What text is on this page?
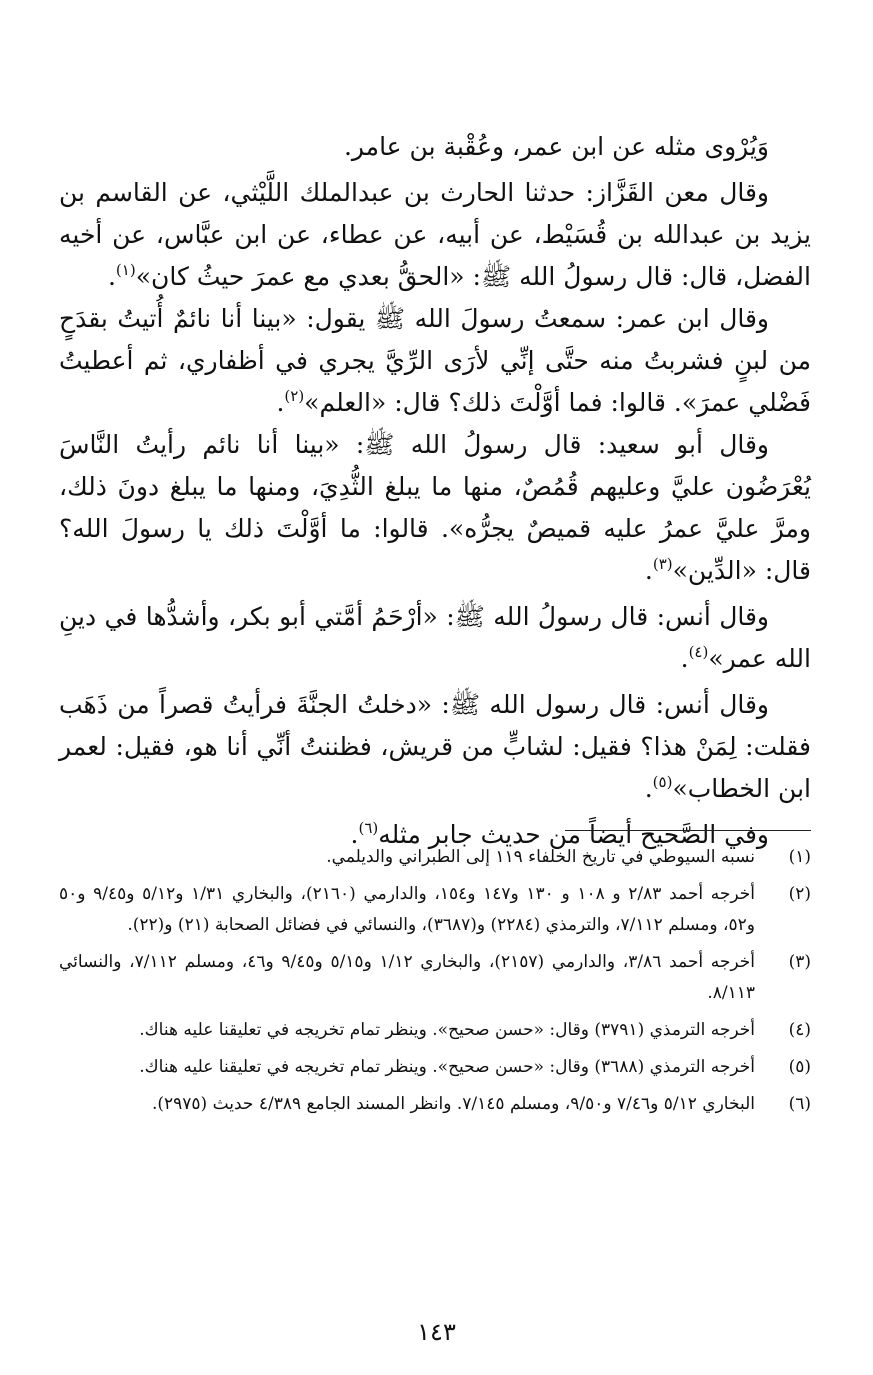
وَيُرْوى مثله عن ابن عمر، وعُقْبة بن عامر.

وقال معن القَزَّاز: حدثنا الحارث بن عبدالملك اللَّيْثي، عن القاسم بن يزيد بن عبدالله بن قُسَيْط، عن أبيه، عن عطاء، عن ابن عبَّاس، عن أخيه الفضل، قال: قال رسولُ الله ﷺ: «الحقُّ بعدي مع عمرَ حيثُ كان»$^{(١)}$.

وقال ابن عمر: سمعتُ رسولَ الله ﷺ يقول: «بينا أنا نائمٌ أُتيتُ بقدَحٍ من لبنٍ فشربتُ منه حتَّى إنِّي لأرَى الرِّيَّ يجري في أظفاري، ثم أعطيتُ فَضْلي عمرَ». قالوا: فما أوَّلْتَ ذلك؟ قال: «العلم»$^{(٢)}$.

وقال أبو سعيد: قال رسولُ الله ﷺ: «بينا أنا نائم رأيتُ النَّاسَ يُعْرَضُون عليَّ وعليهم قُمُصٌ، منها ما يبلغ الثُّدِيَ، ومنها ما يبلغ دونَ ذلك، ومرَّ عليَّ عمرُ عليه قميصٌ يجرُّه». قالوا: ما أوَّلْتَ ذلك يا رسولَ الله؟ قال: «الدِّين»$^{(٣)}$.

وقال أنس: قال رسولُ الله ﷺ: «أرْحَمُ أمَّتي أبو بكر، وأشدُّها في دينِ الله عمر»$^{(٤)}$.

وقال أنس: قال رسول الله ﷺ: «دخلتُ الجنَّةَ فرأيتُ قصراً من ذَهَب فقلت: لِمَنْ هذا؟ فقيل: لشابٍّ من قريش، فظننتُ أنِّي أنا هو، فقيل: لعمر ابن الخطاب»$^{(٥)}$.

وفي الصَّحيح أيضاً من حديث جابر مثله$^{(٦)}$.

(١)
نسبه السيوطي في تاريخ الخلفاء ١١٩ إلى الطبراني والديلمي.
(٢)
أخرجه أحمد ٢/٨٣ و ١٠٨ و ١٣٠ و١٤٧ و١٥٤، والدارمي (٢١٦٠)، والبخاري ١/٣١ و٥/١٢ و٩/٤٥ و٥٠ و٥٢، ومسلم ٧/١١٢، والترمذي (٢٢٨٤) و(٣٦٨٧)، والنسائي في فضائل الصحابة (٢١) و(٢٢).
(٣)
أخرجه أحمد ٣/٨٦، والدارمي (٢١٥٧)، والبخاري ١/١٢ و٥/١٥ و٩/٤٥ و٤٦، ومسلم ٧/١١٢، والنسائي ٨/١١٣.
(٤)
أخرجه الترمذي (٣٧٩١) وقال: «حسن صحيح». وينظر تمام تخريجه في تعليقنا عليه هناك.
(٥)
أخرجه الترمذي (٣٦٨٨) وقال: «حسن صحيح». وينظر تمام تخريجه في تعليقنا عليه هناك.
(٦)
البخاري ٥/١٢ و٧/٤٦ و٩/٥٠، ومسلم ٧/١٤٥. وانظر المسند الجامع ٤/٣٨٩ حديث (٢٩٧٥).
١٤٣
